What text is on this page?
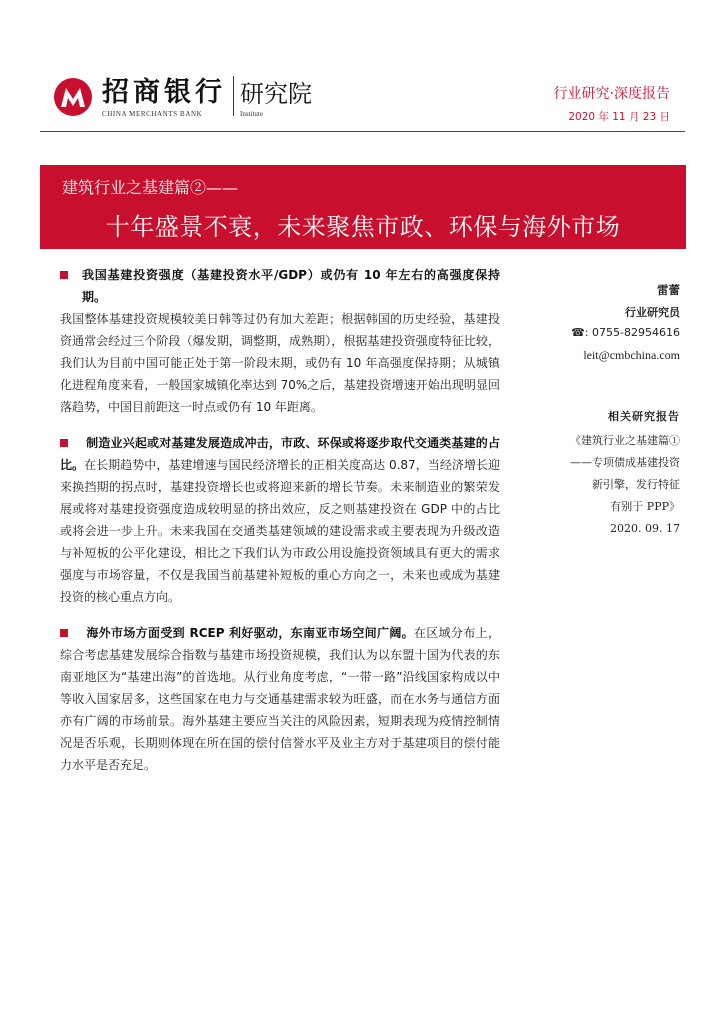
招商银行
CHINA MERCHANTS BANK
研究院
Institute
行业研究·深度报告
2020 年 11 月 23 日
建筑行业之基建篇②——
十年盛景不衰，未来聚焦市政、环保与海外市场
我国基建投资强度（基建投资水平/GDP）或仍有 10 年左右的高强度保持期。
我国整体基建投资规模较美日韩等过仍有加大差距；根据韩国的历史经验，基建投资通常会经过三个阶段（爆发期，调整期，成熟期），根据基建投资强度特征比较，我们认为目前中国可能正处于第一阶段末期，或仍有 10 年高强度保持期；从城镇化进程角度来看，一般国家城镇化率达到 70%之后，基建投资增速开始出现明显回落趋势，中国目前距这一时点或仍有 10 年距离。
制造业兴起或对基建发展造成冲击，市政、环保或将逐步取代交通类基建的占比。在长期趋势中，基建增速与国民经济增长的正相关度高达 0.87，当经济增长迎来换挡期的拐点时，基建投资增长也或将迎来新的增长节奏。未来制造业的繁荣发展或将对基建投资强度造成较明显的挤出效应，反之则基建投资在 GDP 中的占比或将会进一步上升。未来我国在交通类基建领域的建设需求或主要表现为升级改造与补短板的公平化建设，相比之下我们认为市政公用设施投资领域具有更大的需求强度与市场容量，不仅是我国当前基建补短板的重心方向之一，未来也或成为基建投资的核心重点方向。
海外市场方面受到 RCEP 利好驱动，东南亚市场空间广阔。在区域分布上，综合考虑基建发展综合指数与基建市场投资规模，我们认为以东盟十国为代表的东南亚地区为“基建出海”的首选地。从行业角度考虑，“一带一路”沿线国家构成以中等收入国家居多，这些国家在电力与交通基建需求较为旺盛，而在水务与通信方面亦有广阔的市场前景。海外基建主要应当关注的风险因素，短期表现为疫情控制情况是否乐观，长期则体现在所在国的偿付信誉水平及业主方对于基建项目的偿付能力水平是否充足。
雷蕾
行业研究员
☎: 0755-82954616
leit@cmbchina.com
相关研究报告
《建筑行业之基建篇①
——专项债成基建投资
新引擎，发行特征
有别于 PPP》
2020. 09. 17
